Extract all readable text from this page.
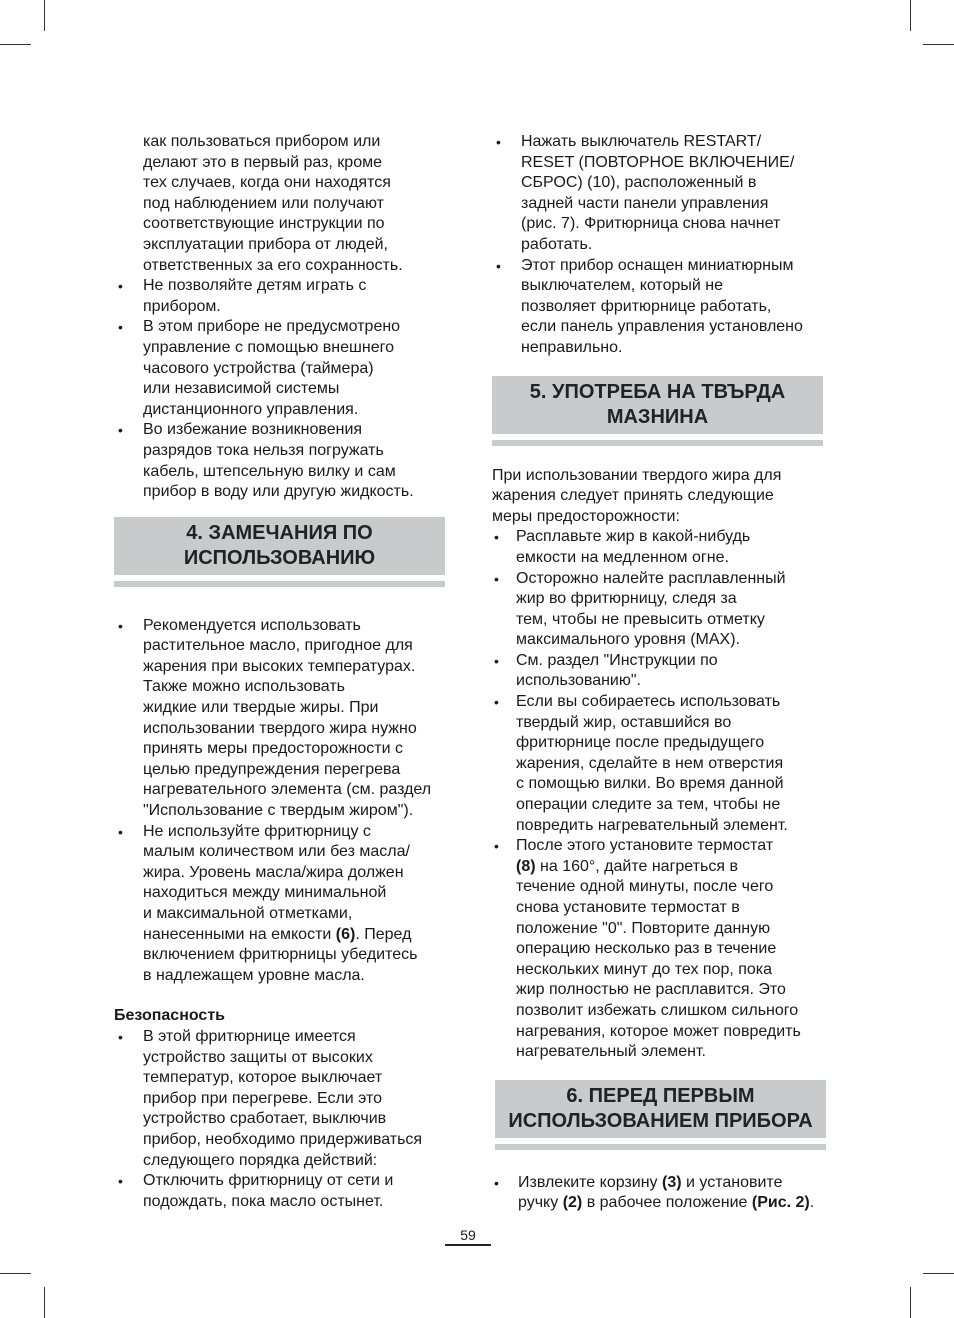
как пользоваться прибором или

делают это в первый раз, кроме

тех случаев, когда они находятся

под наблюдением или получают

соответствующие инструкции по

эксплуатации прибора от людей,

ответственных за его сохранность.

• Не позволяйте детям играть с

прибором.

• В этом приборе не предусмотрено

управление с помощью внешнего

часового устройства (таймера)

или независимой системы

дистанционного управления.

• Во избежание возникновения

разрядов тока нельзя погружать

кабель, штепсельную вилку и сам

прибор в воду или другую жидкость.

4. ЗАМЕЧАНИЯ ПО

ИСПОЛЬЗОВАНИЮ

• Рекомендуется использовать

растительное масло, пригодное для

жарения при высоких температурах.

Также можно использовать

жидкие или твердые жиры. При

использовании твердого жира нужно

принять меры предосторожности с

целью предупреждения перегрева

нагревательного элемента (см. раздел

"Использование с твердым жиром").

• Не используйте фритюрницу с

малым количеством или без масла/

жира. Уровень масла/жира должен

находиться между минимальной

и максимальной отметками,

нанесенными на емкости (6). Перед

включением фритюрницы убедитесь

в надлежащем уровне масла.

Безопасность

• В этой фритюрнице имеется

устройство защиты от высоких

температур, которое выключает

прибор при перегреве. Если это

устройство сработает, выключив

прибор, необходимо придерживаться

следующего порядка действий:

• Отключить фритюрницу от сети и

подождать, пока масло остынет.

• Нажать выключатель RESTART/

RESET (ПОВТОРНОЕ ВКЛЮЧЕНИЕ/

СБРОС) (10), расположенный в

задней части панели управления

(рис. 7). Фритюрница снова начнет

работать.

• Этот прибор оснащен миниатюрным

выключателем, который не

позволяет фритюрнице работать,

если панель управления установлено

неправильно.

5. УПОТРЕБА НА ТВЪРДА

МАЗНИНА

При использовании твердого жира для

жарения следует принять следующие

меры предосторожности:

• Расплавьте жир в какой-нибудь

емкости на медленном огне.

• Осторожно налейте расплавленный

жир во фритюрницу, следя за

тем, чтобы не превысить отметку

максимального уровня (MAX).

• См. раздел "Инструкции по

использованию".

• Если вы собираетесь использовать

твердый жир, оставшийся во

фритюрнице после предыдущего

жарения, сделайте в нем отверстия

с помощью вилки. Во время данной

операции следите за тем, чтобы не

повредить нагревательный элемент.

• После этого установите термостат

(8) на 160°, дайте нагреться в

течение одной минуты, после чего

снова установите термостат в

положение "0". Повторите данную

операцию несколько раз в течение

нескольких минут до тех пор, пока

жир полностью не расплавится. Это

позволит избежать слишком сильного

нагревания, которое может повредить

нагревательный элемент.

6. ПЕРЕД ПЕРВЫМ

ИСПОЛЬЗОВАНИЕМ ПРИБОРА

• Извлеките корзину (3) и установите

ручку (2) в рабочее положение (Рис. 2).

59
